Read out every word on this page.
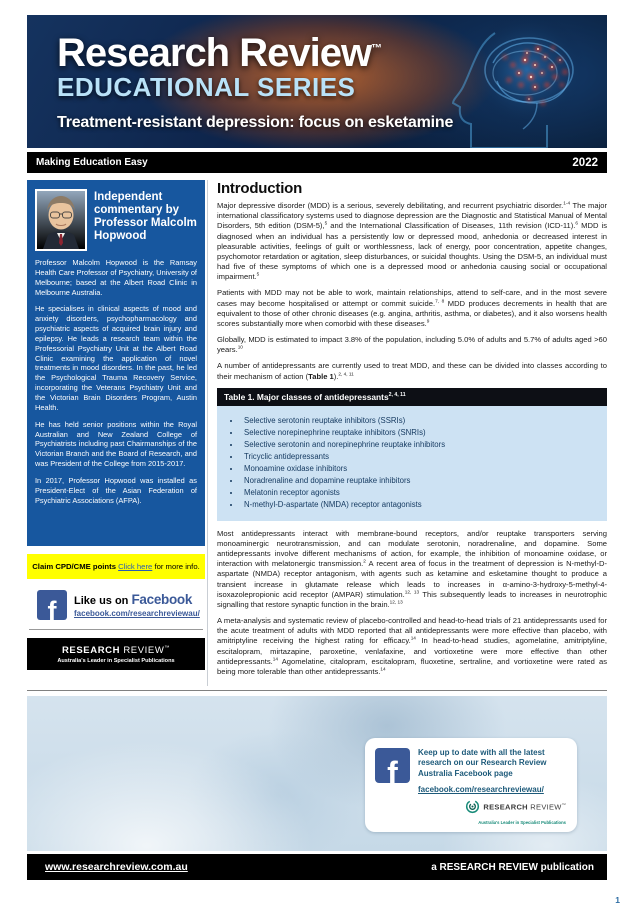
Research Review™
EDUCATIONAL SERIES
Treatment-resistant depression: focus on esketamine
Making Education Easy	2022
Independent commentary by Professor Malcolm Hopwood

Professor Malcolm Hopwood is the Ramsay Health Care Professor of Psychiatry, University of Melbourne; based at the Albert Road Clinic in Melbourne Australia.

He specialises in clinical aspects of mood and anxiety disorders, psychopharmacology and psychiatric aspects of acquired brain injury and epilepsy. He leads a research team within the Professorial Psychiatry Unit at the Albert Road Clinic examining the application of novel treatments in mood disorders. In the past, he led the Psychological Trauma Recovery Service, incorporating the Veterans Psychiatry Unit and the Victorian Brain Disorders Program, Austin Health.

He has held senior positions within the Royal Australian and New Zealand College of Psychiatrists including past Chairmanships of the Victorian Branch and the Board of Research, and was President of the College from 2015-2017.

In 2017, Professor Hopwood was installed as President-Elect of the Asian Federation of Psychiatric Associations (AFPA).

Claim CPD/CME points Click here for more info.
f Like us on Facebook
facebook.com/researchreviewau/
RESEARCH REVIEW™
Australia's Leader in Specialist Publications
Introduction

Major depressive disorder (MDD) is a serious, severely debilitating, and recurrent psychiatric disorder.$^{1-4}$ The major international classificatory systems used to diagnose depression are the Diagnostic and Statistical Manual of Mental Disorders, 5th edition (DSM-5),$^5$ and the International Classification of Diseases, 11th revision (ICD-11).$^6$ MDD is diagnosed when an individual has a persistently low or depressed mood, anhedonia or decreased interest in pleasurable activities, feelings of guilt or worthlessness, lack of energy, poor concentration, appetite changes, psychomotor retardation or agitation, sleep disturbances, or suicidal thoughts. Using the DSM-5, an individual must had five of these symptoms of which one is a depressed mood or anhedonia causing social or occupational impairment.$^5$

Patients with MDD may not be able to work, maintain relationships, attend to self-care, and in the most severe cases may become hospitalised or attempt or commit suicide.$^{7, 8}$ MDD produces decrements in health that are equivalent to those of other chronic diseases (e.g. angina, arthritis, asthma, or diabetes), and it also worsens health scores substantially more when comorbid with these diseases.$^9$

Globally, MDD is estimated to impact 3.8% of the population, including 5.0% of adults and 5.7% of adults aged >60 years.$^{10}$

A number of antidepressants are currently used to treat MDD, and these can be divided into classes according to their mechanism of action (Table 1).$^{2, 4, 11}$

Table 1. Major classes of antidepressants$^{2, 4, 11}$
• Selective serotonin reuptake inhibitors (SSRIs)
• Selective norepinephrine reuptake inhibitors (SNRIs)
• Selective serotonin and norepinephrine reuptake inhibitors
• Tricyclic antidepressants
• Monoamine oxidase inhibitors
• Noradrenaline and dopamine reuptake inhibitors
• Melatonin receptor agonists
• N-methyl-D-aspartate (NMDA) receptor antagonists

Most antidepressants interact with membrane-bound receptors, and/or reuptake transporters serving monoaminergic neurotransmission, and can modulate serotonin, noradrenaline, and dopamine. Some antidepressants involve different mechanisms of action, for example, the inhibition of monoamine oxidase, or interaction with melatonergic transmission.$^2$ A recent area of focus in the treatment of depression is N-methyl-D-aspartate (NMDA) receptor antagonism, with agents such as ketamine and esketamine thought to produce a transient increase in glutamate release which leads to increases in α-amino-3-hydroxy-5-methyl-4-isoxazolepropionic acid receptor (AMPAR) stimulation.$^{12, 13}$ This subsequently leads to increases in neurotrophic signalling that restore synaptic function in the brain.$^{12, 13}$

A meta-analysis and systematic review of placebo-controlled and head-to-head trials of 21 antidepressants used for the acute treatment of adults with MDD reported that all antidepressants were more effective than placebo, with amitriptyline receiving the highest rating for efficacy.$^{14}$ In head-to-head studies, agomelatine, amitriptyline, escitalopram, mirtazapine, paroxetine, venlafaxine, and vortioxetine were more effective than other antidepressants.$^{14}$ Agomelatine, citalopram, escitalopram, fluoxetine, sertraline, and vortioxetine were rated as being more tolerable than other antidepressants.$^{14}$

f
Keep up to date with all the latest research on our Research Review Australia Facebook page
facebook.com/researchreviewau/
RESEARCH REVIEW™
Australia's Leader in Specialist Publications
www.researchreview.com.au	a RESEARCH REVIEW publication
1
